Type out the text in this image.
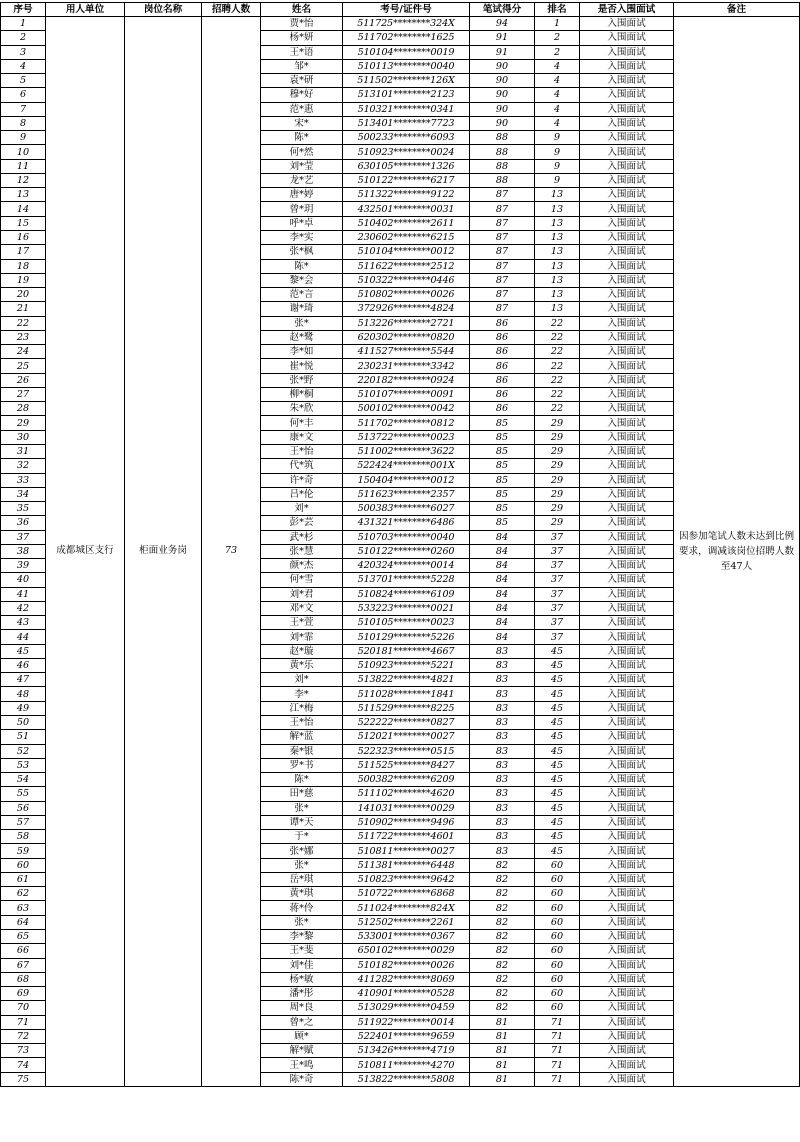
序号	用人单位	岗位名称	招聘人数	姓名	考号/证件号	笔试得分	排名	是否入围面试	备注
1	成都城区支行	柜面业务岗	73	贾*怡	511725********324X	94	1	入围面试	因参加笔试人数未达到比例要求，调减该岗位招聘人数至47人
2				杨*妍	511702********1625	91	2	入围面试	
3				王*语	510104********0019	91	2	入围面试	
4				邹*	510113********0040	90	4	入围面试	
5				袁*研	511502********126X	90	4	入围面试	
6				穆*好	513101********2123	90	4	入围面试	
7				范*惠	510321********0341	90	4	入围面试	
8				宋*	513401********7723	90	4	入围面试	
9				陈*	500233********6093	88	9	入围面试	
10				何*然	510923********0024	88	9	入围面试	
11				刘*莹	630105********1326	88	9	入围面试	
12				龙*艺	510122********6217	88	9	入围面试	
13				唐*婷	511322********9122	87	13	入围面试	
14				曾*玥	432501********0031	87	13	入围面试	
15				呼*卓	510402********2611	87	13	入围面试	
16				李*实	230602********6215	87	13	入围面试	
17				张*枫	510104********0012	87	13	入围面试	
18				陈*	511622********2512	87	13	入围面试	
19				黎*会	510322********0446	87	13	入围面试	
20				范*言	510802********0026	87	13	入围面试	
21				谢*琦	372926********4824	87	13	入围面试	
22				张*	513226********2721	86	22	入围面试	
23				赵*鹭	620302********0820	86	22	入围面试	
24				李*如	411527********5544	86	22	入围面试	
25				崔*悦	230231********3342	86	22	入围面试	
26				张*野	220182********0924	86	22	入围面试	
27				柳*桐	510107********0091	86	22	入围面试	
28				朱*欣	500102********0042	86	22	入围面试	
29				何*丰	511702********0812	85	29	入围面试	
30				康*文	513722********0023	85	29	入围面试	
31				王*怡	511002********3622	85	29	入围面试	
32				代*筑	522424********001X	85	29	入围面试	
33				许*奇	150404********0012	85	29	入围面试	
34				吕*伦	511623********2357	85	29	入围面试	
35				刘*	500383********6027	85	29	入围面试	
36				彭*芸	431321********6486	85	29	入围面试	
37				武*杉	510703********0040	84	37	入围面试	
38				张*慧	510122********0260	84	37	入围面试	
39				颜*杰	420324********0014	84	37	入围面试	
40				何*雪	513701********5228	84	37	入围面试	
41				刘*君	510824********6109	84	37	入围面试	
42				邓*文	533223********0021	84	37	入围面试	
43				王*萱	510105********0023	84	37	入围面试	
44				刘*霏	510129********5226	84	37	入围面试	
45				赵*璇	520181********4667	83	45	入围面试	
46				黄*乐	510923********5221	83	45	入围面试	
47				刘*	513822********4821	83	45	入围面试	
48				李*	511028********1841	83	45	入围面试	
49				江*梅	511529********8225	83	45	入围面试	
50				王*怡	522222********0827	83	45	入围面试	
51				解*蓝	512021********0027	83	45	入围面试	
52				秦*银	522323********0515	83	45	入围面试	
53				罗*书	511525********8427	83	45	入围面试	
54				陈*	500382********6209	83	45	入围面试	
55				田*慈	511102********4620	83	45	入围面试	
56				张*	141031********0029	83	45	入围面试	
57				谭*天	510902********9496	83	45	入围面试	
58				于*	511722********4601	83	45	入围面试	
59				张*娜	510811********0027	83	45	入围面试	
60				张*	511381********6448	82	60	入围面试	
61				岳*琪	510823********9642	82	60	入围面试	
62				黄*琪	510722********6868	82	60	入围面试	
63				蒋*伶	511024********824X	82	60	入围面试	
64				张*	512502********2261	82	60	入围面试	
65				李*黎	533001********0367	82	60	入围面试	
66				王*斐	650102********0029	82	60	入围面试	
67				刘*佳	510182********0026	82	60	入围面试	
68				杨*敏	411282********8069	82	60	入围面试	
69				潘*彤	410901********0528	82	60	入围面试	
70				周*良	513029********0459	82	60	入围面试	
71				曾*之	511922********0014	81	71	入围面试	
72				顾*	522401********9659	81	71	入围面试	
73				解*赋	513426********4719	81	71	入围面试	
74				王*鸣	510811********4270	81	71	入围面试	
75				陈*奇	513822********5808	81	71	入围面试	
